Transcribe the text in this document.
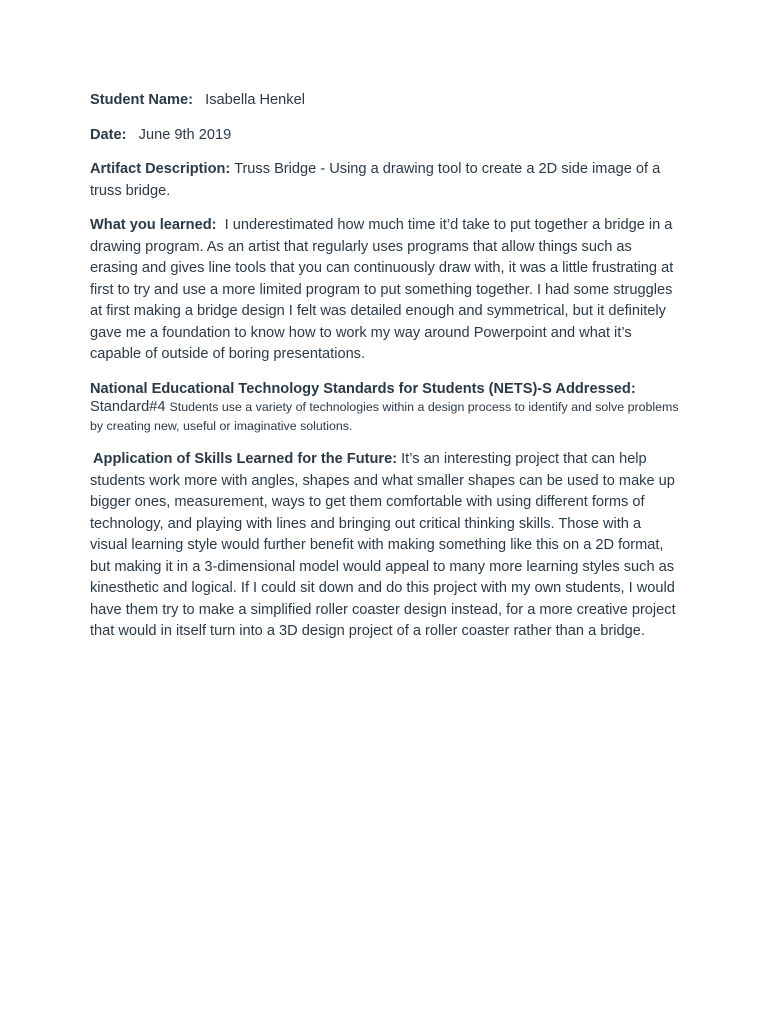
Student Name: Isabella Henkel

Date: June 9th 2019

Artifact Description: Truss Bridge - Using a drawing tool to create a 2D side image of a truss bridge.

What you learned: I underestimated how much time it’d take to put together a bridge in a drawing program. As an artist that regularly uses programs that allow things such as erasing and gives line tools that you can continuously draw with, it was a little frustrating at first to try and use a more limited program to put something together. I had some struggles at first making a bridge design I felt was detailed enough and symmetrical, but it definitely gave me a foundation to know how to work my way around Powerpoint and what it’s capable of outside of boring presentations.

National Educational Technology Standards for Students (NETS)-S Addressed:

Standard#4 Students use a variety of technologies within a design process to identify and solve problems by creating new, useful or imaginative solutions.

Application of Skills Learned for the Future: It’s an interesting project that can help students work more with angles, shapes and what smaller shapes can be used to make up bigger ones, measurement, ways to get them comfortable with using different forms of technology, and playing with lines and bringing out critical thinking skills. Those with a visual learning style would further benefit with making something like this on a 2D format, but making it in a 3-dimensional model would appeal to many more learning styles such as kinesthetic and logical. If I could sit down and do this project with my own students, I would have them try to make a simplified roller coaster design instead, for a more creative project that would in itself turn into a 3D design project of a roller coaster rather than a bridge.
